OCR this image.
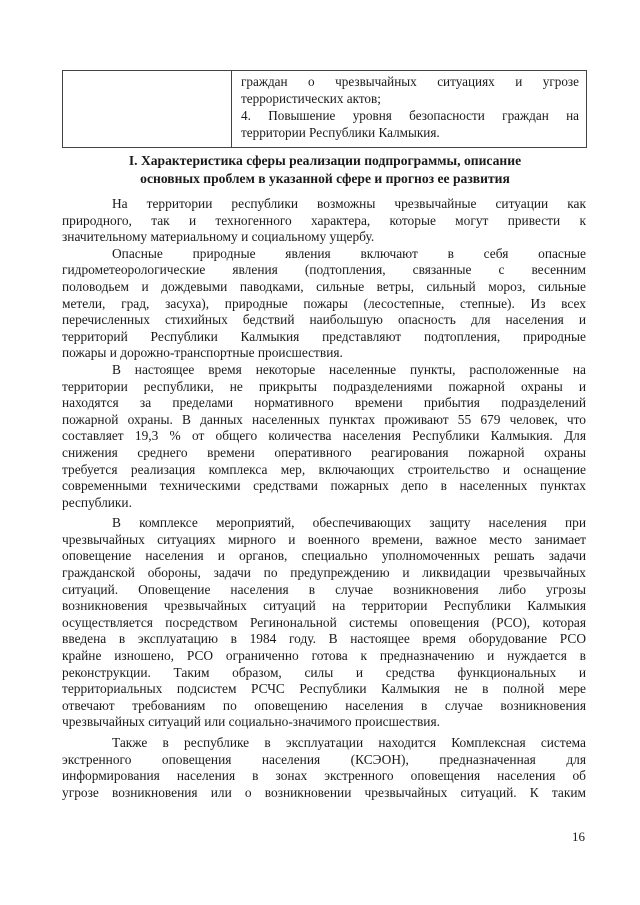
граждан о чрезвычайных ситуациях и угрозе
террористических актов;
4. Повышение уровня безопасности граждан на
территории Республики Калмыкия.
I. Характеристика сферы реализации подпрограммы, описание
основных проблем в указанной сфере и прогноз ее развития
На территории республики возможны чрезвычайные ситуации как
природного, так и техногенного характера, которые могут привести к
значительному материальному и социальному ущербу.
Опасные природные явления включают в себя опасные
гидрометеорологические явления (подтопления, связанные с весенним
половодьем и дождевыми паводками, сильные ветры, сильный мороз, сильные
метели, град, засуха), природные пожары (лесостепные, степные). Из всех
перечисленных стихийных бедствий наибольшую опасность для населения и
территорий Республики Калмыкия представляют подтопления, природные
пожары и дорожно-транспортные происшествия.
В настоящее время некоторые населенные пункты, расположенные на
территории республики, не прикрыты подразделениями пожарной охраны и
находятся за пределами нормативного времени прибытия подразделений
пожарной охраны. В данных населенных пунктах проживают 55 679 человек, что
составляет 19,3 % от общего количества населения Республики Калмыкия. Для
снижения среднего времени оперативного реагирования пожарной охраны
требуется реализация комплекса мер, включающих строительство и оснащение
современными техническими средствами пожарных депо в населенных пунктах
республики.
В комплексе мероприятий, обеспечивающих защиту населения при
чрезвычайных ситуациях мирного и военного времени, важное место занимает
оповещение населения и органов, специально уполномоченных решать задачи
гражданской обороны, задачи по предупреждению и ликвидации чрезвычайных
ситуаций. Оповещение населения в случае возникновения либо угрозы
возникновения чрезвычайных ситуаций на территории Республики Калмыкия
осуществляется посредством Регинональной системы оповещения (РСО), которая
введена в эксплуатацию в 1984 году. В настоящее время оборудование РСО
крайне изношено, РСО ограниченно готова к предназначению и нуждается в
реконструкции. Таким образом, силы и средства функциональных и
территориальных подсистем РСЧС Республики Калмыкия не в полной мере
отвечают требованиям по оповещению населения в случае возникновения
чрезвычайных ситуаций или социально-значимого происшествия.
Также в республике в эксплуатации находится Комплексная система
экстренного оповещения населения (КСЭОН), предназначенная для
информирования населения в зонах экстренного оповещения населения об
угрозе возникновения или о возникновении чрезвычайных ситуаций. К таким
16
